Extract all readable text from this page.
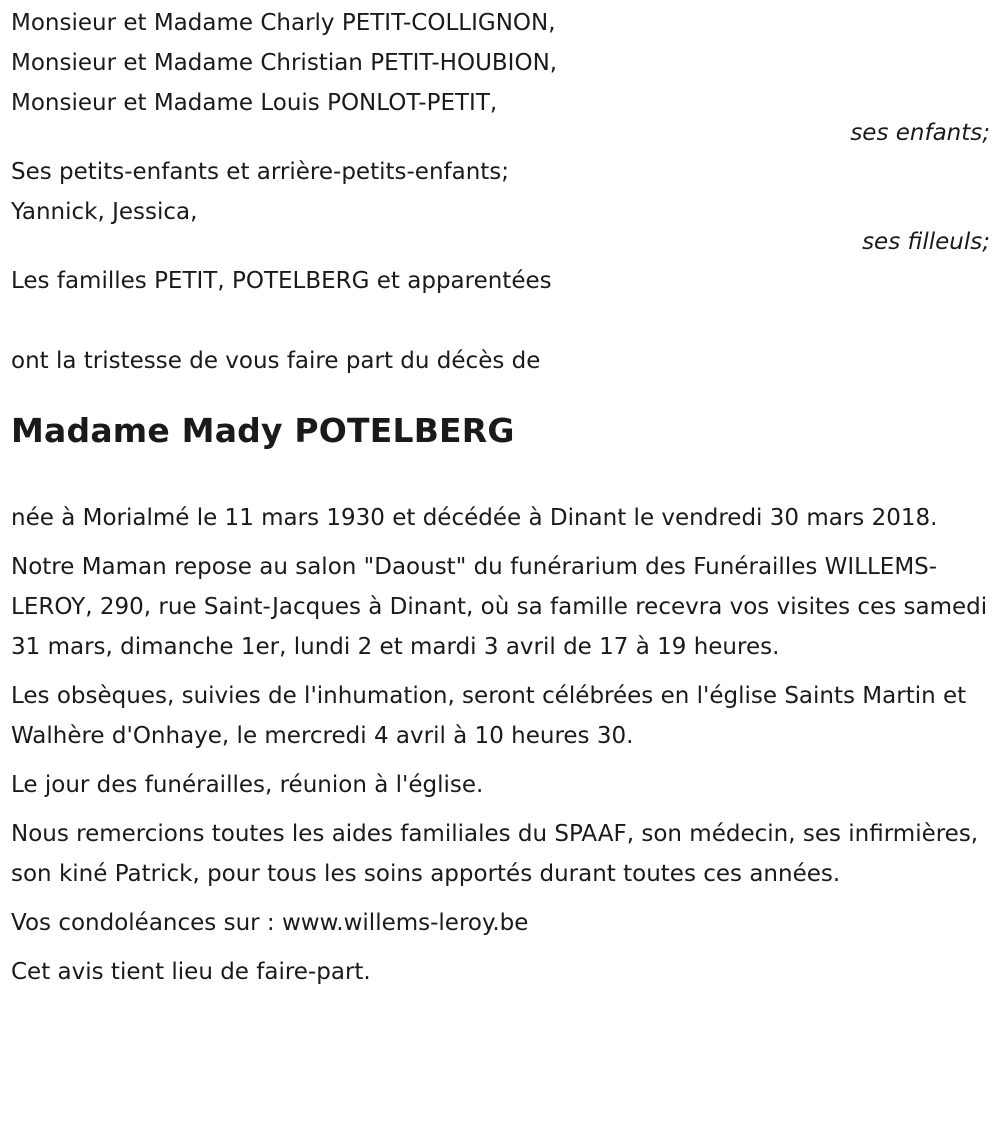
Monsieur et Madame Charly PETIT-COLLIGNON,
Monsieur et Madame Christian PETIT-HOUBION,
Monsieur et Madame Louis PONLOT-PETIT,
ses enfants;
Ses petits-enfants et arrière-petits-enfants;
Yannick, Jessica,
ses filleuls;
Les familles PETIT, POTELBERG et apparentées
ont la tristesse de vous faire part du décès de
Madame Mady POTELBERG

née à Morialmé le 11 mars 1930 et décédée à Dinant le vendredi 30 mars 2018.

Notre Maman repose au salon "Daoust" du funérarium des Funérailles WILLEMS-LEROY, 290, rue Saint-Jacques à Dinant, où sa famille recevra vos visites ces samedi 31 mars, dimanche 1er, lundi 2 et mardi 3 avril de 17 à 19 heures.

Les obsèques, suivies de l'inhumation, seront célébrées en l'église Saints Martin et Walhère d'Onhaye, le mercredi 4 avril à 10 heures 30.

Le jour des funérailles, réunion à l'église.

Nous remercions toutes les aides familiales du SPAAF, son médecin, ses infirmières, son kiné Patrick, pour tous les soins apportés durant toutes ces années.

Vos condoléances sur : www.willems-leroy.be

Cet avis tient lieu de faire-part.
